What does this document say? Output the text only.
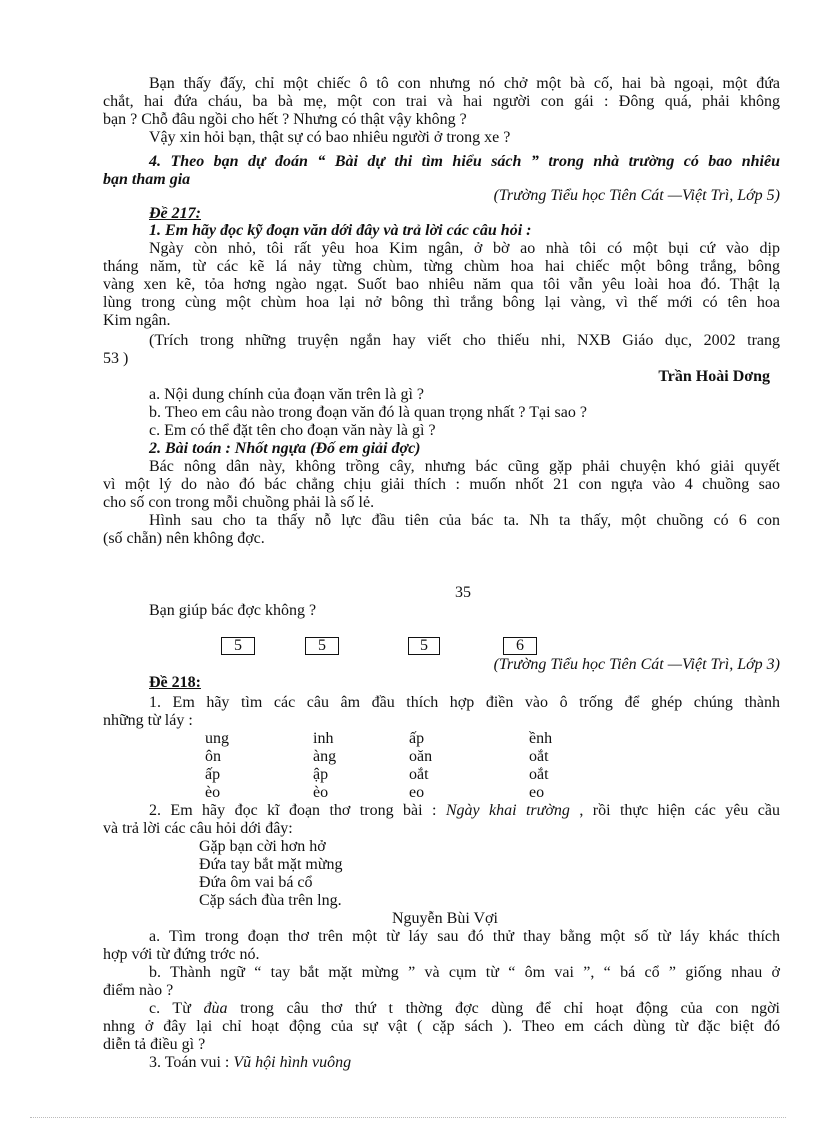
Bạn thấy đấy, chỉ một chiếc ô tô con nhưng nó chở một bà cố, hai bà ngoại, một đứa
chắt, hai đứa cháu, ba bà mẹ, một con trai và hai người con gái : Đông quá, phải không
bạn ? Chỗ đâu ngồi cho hết ? Nhưng có thật vậy không ?
Vậy xin hỏi bạn, thật sự có bao nhiêu người ở trong xe ?
4. Theo bạn dự đoán “ Bài dự thi tìm hiểu sách ” trong nhà trường có bao nhiêu
bạn tham gia
(Trường Tiểu học Tiên Cát —Việt Trì, Lớp 5)
Đề 217:
1. Em hãy đọc kỹ đoạn văn dới đây và trả lời các câu hỏi :
Ngày còn nhỏ, tôi rất yêu hoa Kim ngân, ở bờ ao nhà tôi có một bụi cứ vào dịp
tháng năm, từ các kẽ lá nảy từng chùm, từng chùm hoa hai chiếc một bông trắng, bông
vàng xen kẽ, tỏa hơng ngào ngạt. Suốt bao nhiêu năm qua tôi vẫn yêu loài hoa đó. Thật lạ
lùng trong cùng một chùm hoa lại nở bông thì trắng bông lại vàng, vì thế mới có tên hoa
Kim ngân.
(Trích trong những truyện ngắn hay viết cho thiếu nhi, NXB Giáo dục, 2002 trang
53 )
Trần Hoài Dơng
a. Nội dung chính của đoạn văn trên là gì ?
b. Theo em câu nào trong đoạn văn đó là quan trọng nhất ? Tại sao ?
c. Em có thể đặt tên cho đoạn văn này là gì ?
2. Bài toán : Nhốt ngựa (Đố em giải đợc)
Bác nông dân này, không trồng cây, nhưng bác cũng gặp phải chuyện khó giải quyết
vì một lý do nào đó bác chẳng chịu giải thích : muốn nhốt 21 con ngựa vào 4 chuồng sao
cho số con trong mỗi chuồng phải là số lẻ.
Hình sau cho ta thấy nỗ lực đầu tiên của bác ta. Nh ta thấy, một chuồng có 6 con
(số chẵn) nên không đợc.
35
Bạn giúp bác đợc không ?
5	5	5	6
(Trường Tiểu học Tiên Cát —Việt Trì, Lớp 3)
Đề 218:
1. Em hãy tìm các câu âm đầu thích hợp điền vào ô trống để ghép chúng thành
những từ láy :
ung	inh	ấp	ềnh
ôn	àng	oăn	oắt
ấp	ập	oắt	oắt
èo	èo	eo	eo
2. Em hãy đọc kĩ đoạn thơ trong bài : Ngày khai trường , rồi thực hiện các yêu cầu
và trả lời các câu hỏi dới đây:
Gặp bạn cời hơn hở
Đứa tay bắt mặt mừng
Đứa ôm vai bá cổ
Cặp sách đùa trên lng.
Nguyễn Bùi Vợi
a. Tìm trong đoạn thơ trên một từ láy sau đó thử thay bằng một số từ láy khác thích
hợp với từ đứng trớc nó.
b. Thành ngữ “ tay bắt mặt mừng ” và cụm từ “ ôm vai ”, “ bá cổ ” giống nhau ở
điểm nào ?
c. Từ đùa trong câu thơ thứ t thờng đợc dùng để chỉ hoạt động của con ngời
nhng ở đây lại chỉ hoạt động của sự vật ( cặp sách ). Theo em cách dùng từ đặc biệt đó
diễn tả điều gì ?
3. Toán vui : Vũ hội hình vuông
